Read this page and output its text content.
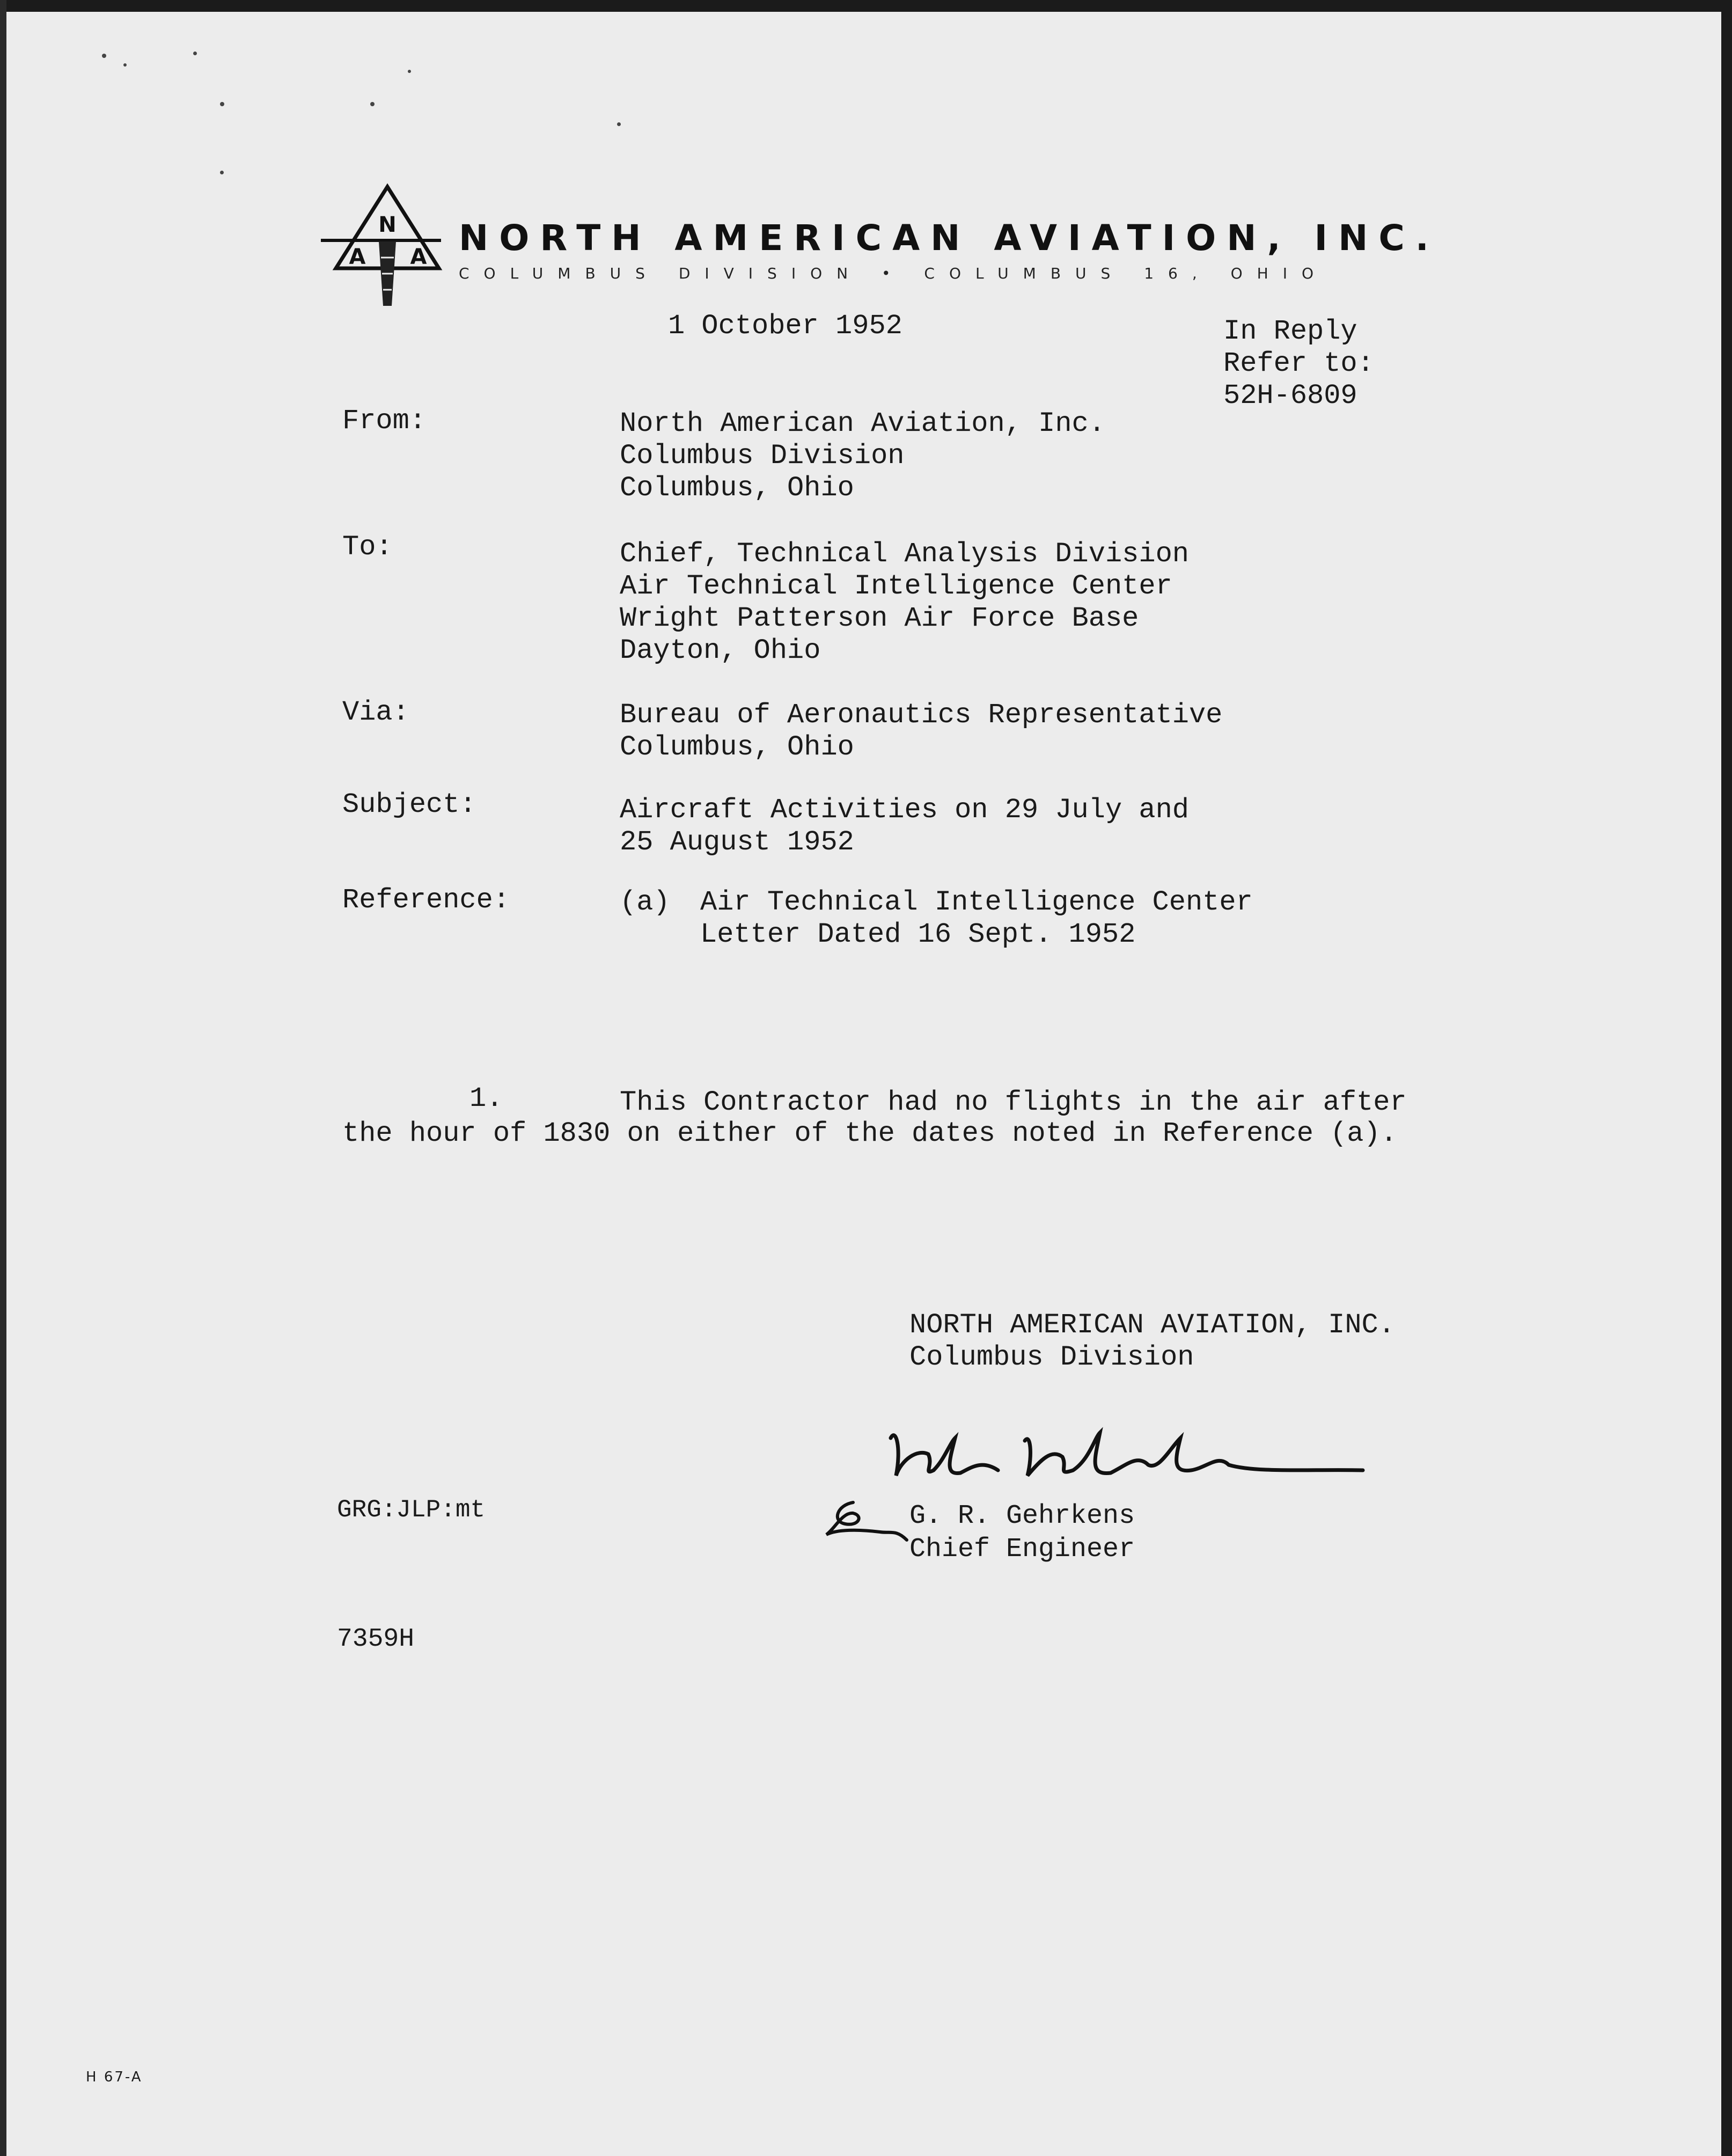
N
A A NORTH AMERICAN AVIATION, INC.
COLUMBUS DIVISION • COLUMBUS 16, OHIO
1 October 1952	In Reply
Refer to:
52H-6809
From:	North American Aviation, Inc.
Columbus Division
Columbus, Ohio
To:	Chief, Technical Analysis Division
Air Technical Intelligence Center
Wright Patterson Air Force Base
Dayton, Ohio
Via:	Bureau of Aeronautics Representative
Columbus, Ohio
Subject:	Aircraft Activities on 29 July and
25 August 1952
Reference:	(a) Air Technical Intelligence Center
Letter Dated 16 Sept. 1952
1.	This Contractor had no flights in the air after
the hour of 1830 on either of the dates noted in Reference (a).
NORTH AMERICAN AVIATION, INC.
Columbus Division
G. R. Gehrkens
Chief Engineer
GRG:JLP:mt
7359H
H 67-A
